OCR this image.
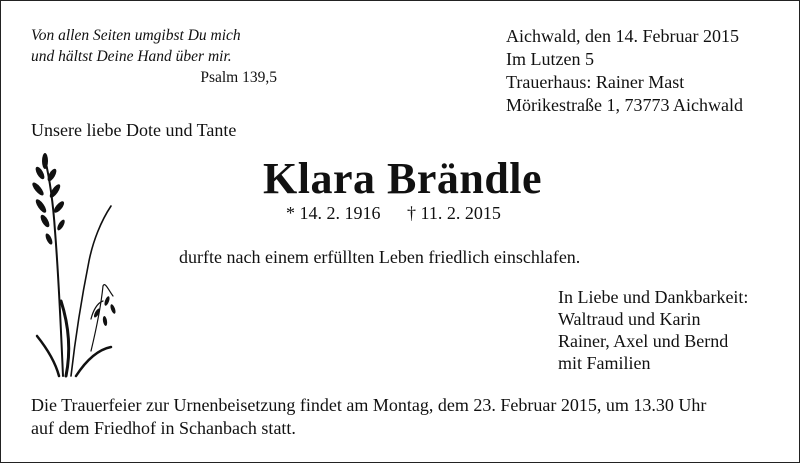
Von allen Seiten umgibst Du mich
und hältst Deine Hand über mir.
Psalm 139,5
Aichwald, den 14. Februar 2015
Im Lutzen 5
Trauerhaus: Rainer Mast
Mörikestraße 1, 73773 Aichwald
Unsere liebe Dote und Tante
Klara Brändle
* 14. 2. 1916 † 11. 2. 2015
durfte nach einem erfüllten Leben friedlich einschlafen.
In Liebe und Dankbarkeit:
Waltraud und Karin
Rainer, Axel und Bernd
mit Familien
Die Trauerfeier zur Urnenbeisetzung findet am Montag, dem 23. Februar 2015, um 13.30 Uhr
auf dem Friedhof in Schanbach statt.
